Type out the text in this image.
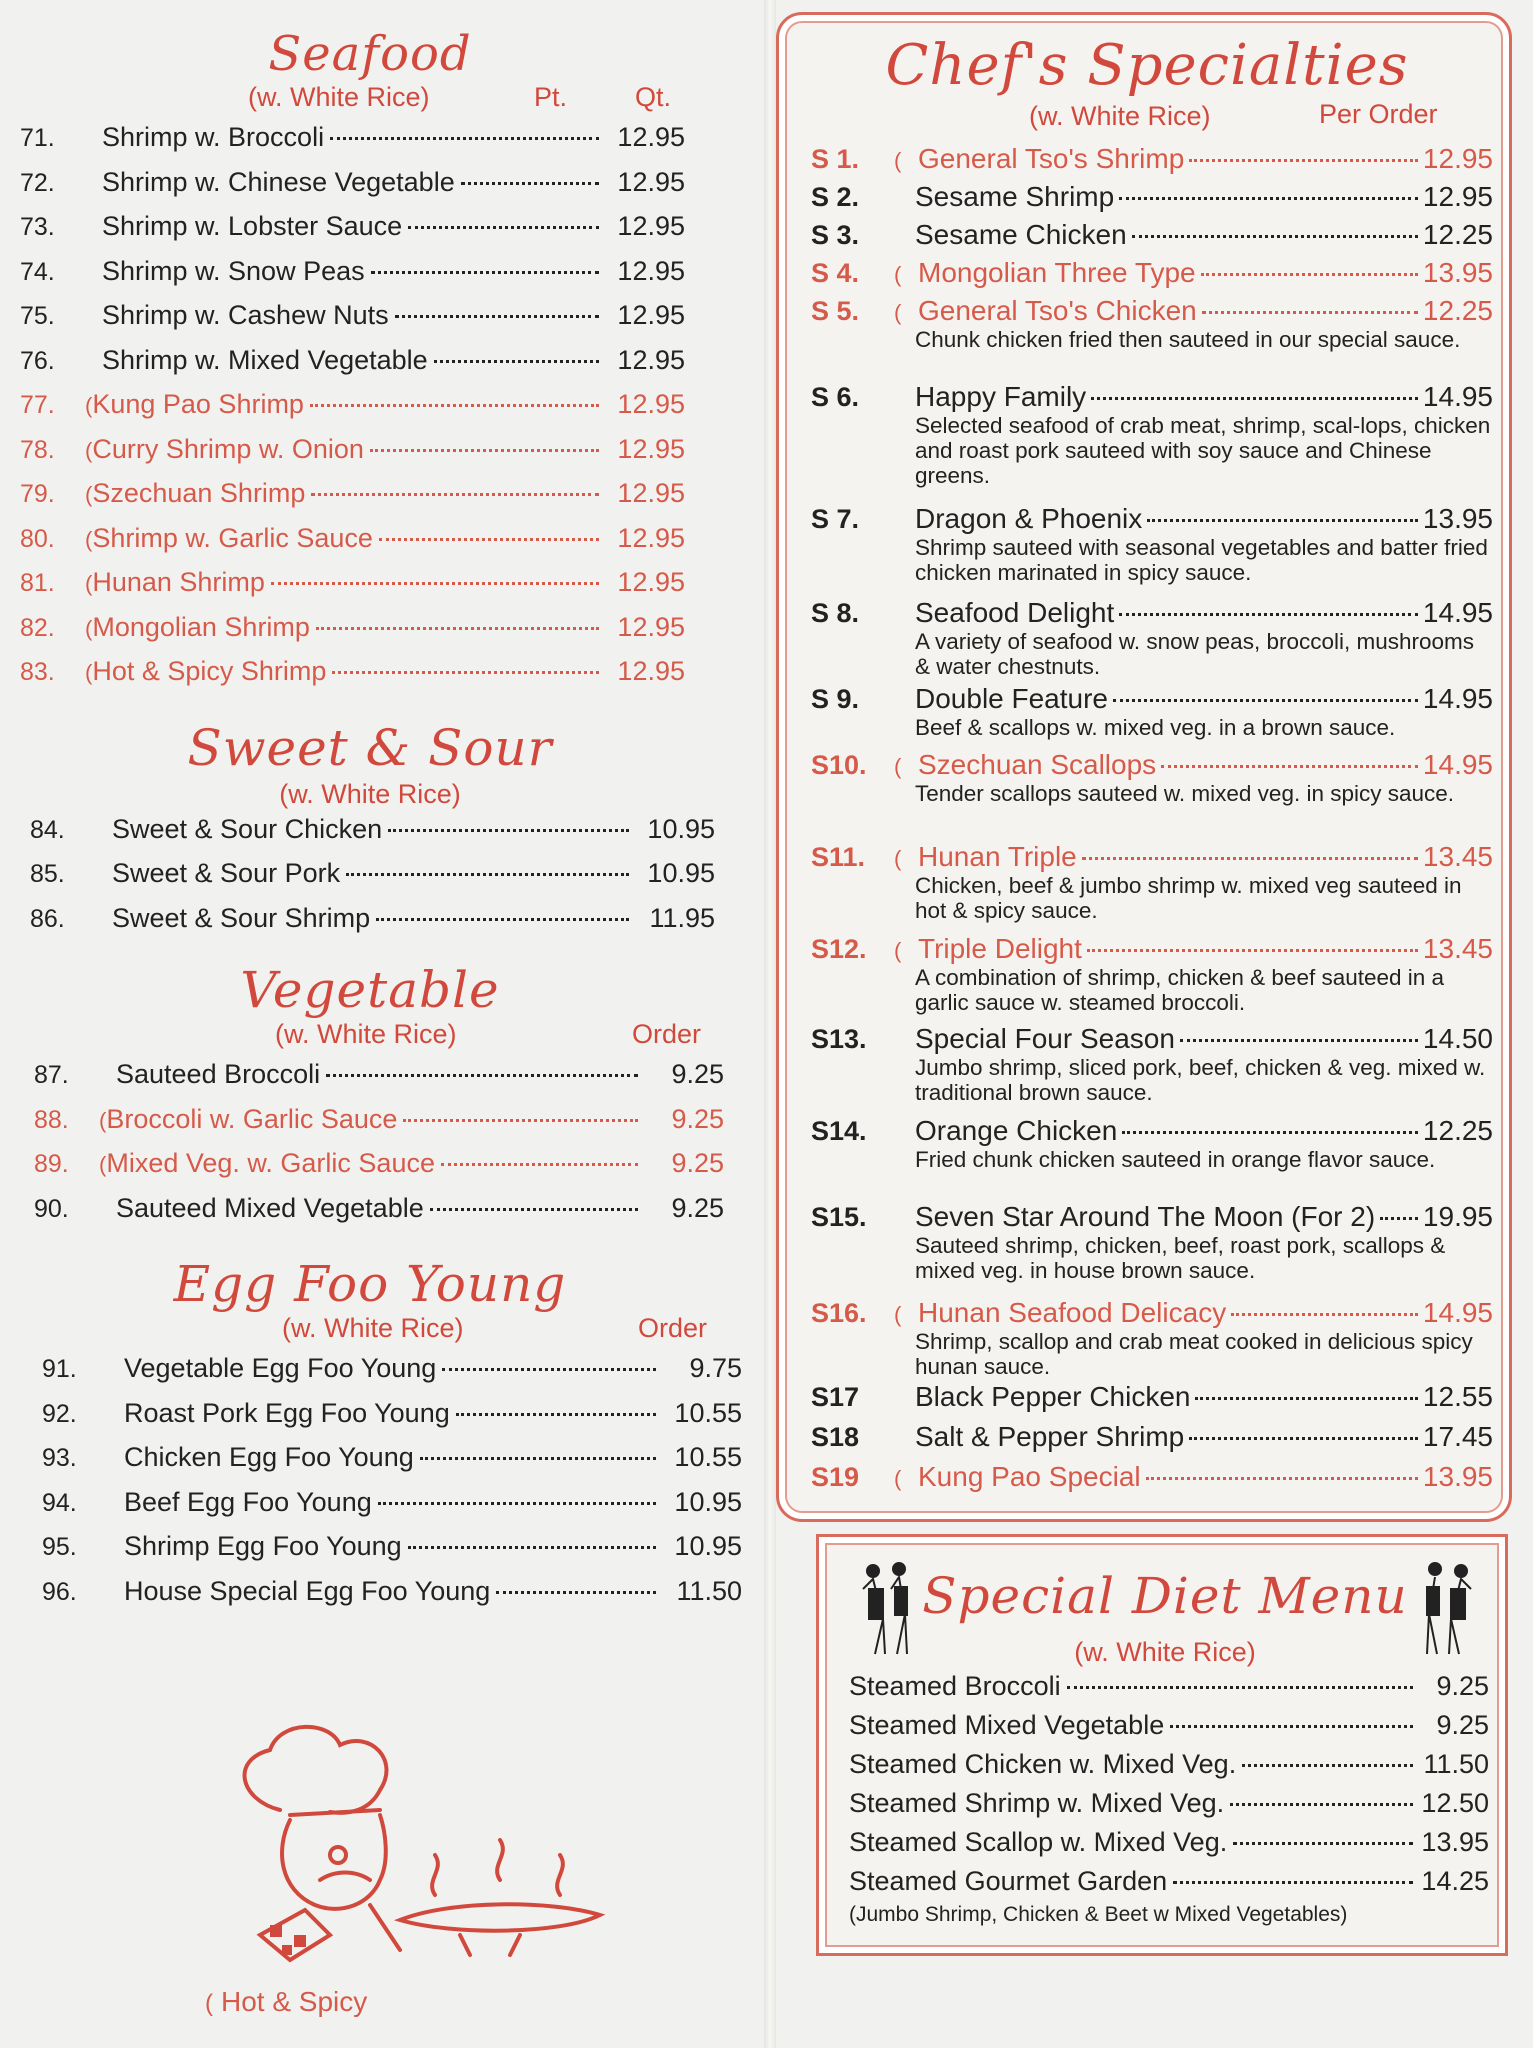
Seafood
(w. White Rice)	Pt.	Qt.
71.	Shrimp w. Broccoli	12.95
72.	Shrimp w. Chinese Vegetable	12.95
73.	Shrimp w. Lobster Sauce	12.95
74.	Shrimp w. Snow Peas	12.95
75.	Shrimp w. Cashew Nuts	12.95
76.	Shrimp w. Mixed Vegetable	12.95
77.	( Kung Pao Shrimp	12.95
78.	( Curry Shrimp w. Onion	12.95
79.	( Szechuan Shrimp	12.95
80.	( Shrimp w. Garlic Sauce	12.95
81.	( Hunan Shrimp	12.95
82.	( Mongolian Shrimp	12.95
83.	( Hot & Spicy Shrimp	12.95
Sweet & Sour
(w. White Rice)
84.	Sweet & Sour Chicken	10.95
85.	Sweet & Sour Pork	10.95
86.	Sweet & Sour Shrimp	11.95
Vegetable
(w. White Rice)	Order
87.	Sauteed Broccoli	9.25
88.	( Broccoli w. Garlic Sauce	9.25
89.	( Mixed Veg. w. Garlic Sauce	9.25
90.	Sauteed Mixed Vegetable	9.25
Egg Foo Young
(w. White Rice)	Order
91.	Vegetable Egg Foo Young	9.75
92.	Roast Pork Egg Foo Young	10.55
93.	Chicken Egg Foo Young	10.55
94.	Beef Egg Foo Young	10.95
95.	Shrimp Egg Foo Young	10.95
96.	House Special Egg Foo Young	11.50
( Hot & Spicy
Chef's Specialties
(w. White Rice)	Per Order
S 1.	( General Tso's Shrimp	12.95
S 2.	Sesame Shrimp	12.95
S 3.	Sesame Chicken	12.25
S 4.	( Mongolian Three Type	13.95
S 5.	( General Tso's Chicken	12.25
Chunk chicken fried then sauteed in our special sauce.
S 6.	Happy Family	14.95
Selected seafood of crab meat, shrimp, scal-lops, chicken and roast pork sauteed with soy sauce and Chinese greens.
S 7.	Dragon & Phoenix	13.95
Shrimp sauteed with seasonal vegetables and batter fried chicken marinated in spicy sauce.
S 8.	Seafood Delight	14.95
A variety of seafood w. snow peas, broccoli, mushrooms & water chestnuts.
S 9.	Double Feature	14.95
Beef & scallops w. mixed veg. in a brown sauce.
S10.	( Szechuan Scallops	14.95
Tender scallops sauteed w. mixed veg. in spicy sauce.
S11.	( Hunan Triple	13.45
Chicken, beef & jumbo shrimp w. mixed veg sauteed in hot & spicy sauce.
S12.	( Triple Delight	13.45
A combination of shrimp, chicken & beef sauteed in a garlic sauce w. steamed broccoli.
S13.	Special Four Season	14.50
Jumbo shrimp, sliced pork, beef, chicken & veg. mixed w. traditional brown sauce.
S14.	Orange Chicken	12.25
Fried chunk chicken sauteed in orange flavor sauce.
S15.	Seven Star Around The Moon (For 2) 19.95
Sauteed shrimp, chicken, beef, roast pork, scallops & mixed veg. in house brown sauce.
S16.	( Hunan Seafood Delicacy	14.95
Shrimp, scallop and crab meat cooked in delicious spicy hunan sauce.
S17	Black Pepper Chicken	12.55
S18	Salt & Pepper Shrimp	17.45
S19	( Kung Pao Special	13.95
Special Diet Menu
(w. White Rice)
Steamed Broccoli	9.25
Steamed Mixed Vegetable	9.25
Steamed Chicken w. Mixed Veg.	11.50
Steamed Shrimp w. Mixed Veg.	12.50
Steamed Scallop w. Mixed Veg.	13.95
Steamed Gourmet Garden	14.25
(Jumbo Shrimp, Chicken & Beet w Mixed Vegetables)
